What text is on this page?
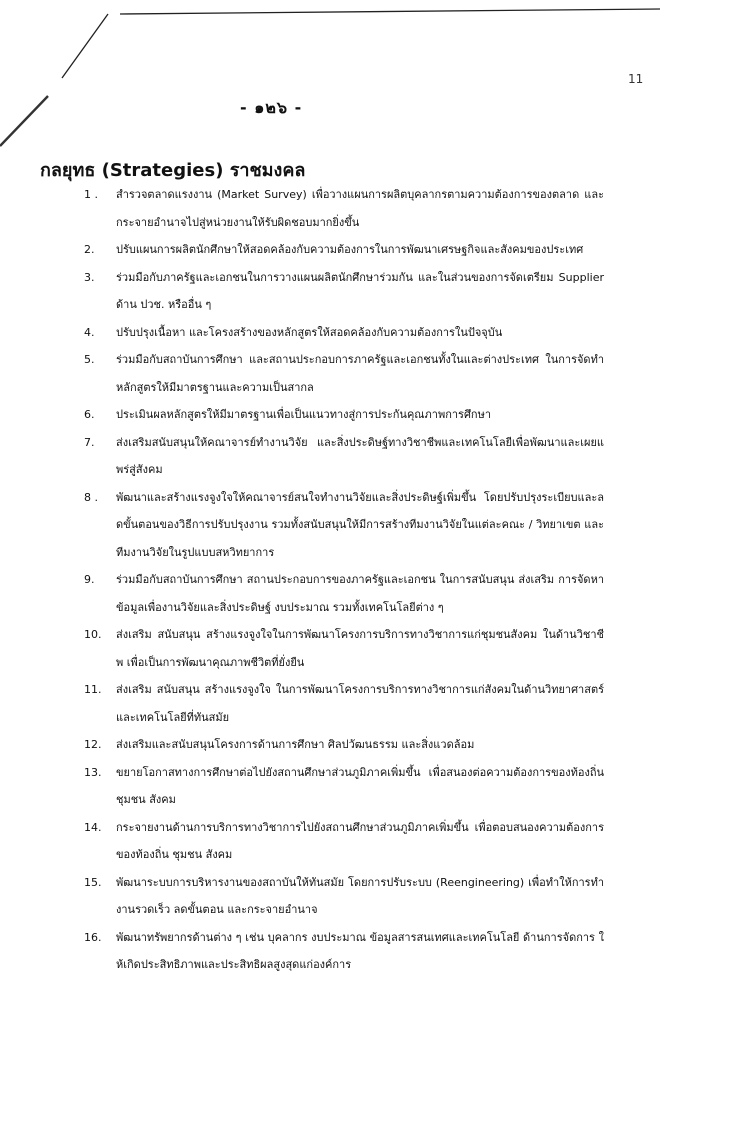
11
- ๑๒๖ -
กลยุทธ (Strategies) ราชมงคล
1 .	สำรวจตลาดแรงงาน (Market Survey) เพื่อวางแผนการผลิตบุคลากรตามความต้องการของตลาด และกระจายอำนาจไปสู่หน่วยงานให้รับผิดชอบมากยิ่งขึ้น
2.	ปรับแผนการผลิตนักศึกษาให้สอดคล้องกับความต้องการในการพัฒนาเศรษฐกิจและสังคมของประเทศ
3.	ร่วมมือกับภาครัฐและเอกชนในการวางแผนผลิตนักศึกษาร่วมกัน และในส่วนของการจัดเตรียม Supplier ด้าน ปวช. หรืออื่น ๆ
4.	ปรับปรุงเนื้อหา และโครงสร้างของหลักสูตรให้สอดคล้องกับความต้องการในปัจจุบัน
5.	ร่วมมือกับสถาบันการศึกษา และสถานประกอบการภาครัฐและเอกชนทั้งในและต่างประเทศ ในการจัดทำหลักสูตรให้มีมาตรฐานและความเป็นสากล
6.	ประเมินผลหลักสูตรให้มีมาตรฐานเพื่อเป็นแนวทางสู่การประกันคุณภาพการศึกษา
7.	ส่งเสริมสนับสนุนให้คณาจารย์ทำงานวิจัย และสิ่งประดิษฐ์ทางวิชาชีพและเทคโนโลยีเพื่อพัฒนาและเผยแพร่สู่สังคม
8 .	พัฒนาและสร้างแรงจูงใจให้คณาจารย์สนใจทำงานวิจัยและสิ่งประดิษฐ์เพิ่มขึ้น โดยปรับปรุงระเบียบและลดขั้นตอนของวิธีการปรับปรุงงาน รวมทั้งสนับสนุนให้มีการสร้างทีมงานวิจัยในแต่ละคณะ / วิทยาเขต และทีมงานวิจัยในรูปแบบสหวิทยาการ
9.	ร่วมมือกับสถาบันการศึกษา สถานประกอบการของภาครัฐและเอกชน ในการสนับสนุน ส่งเสริม การจัดหาข้อมูลเพื่องานวิจัยและสิ่งประดิษฐ์ งบประมาณ รวมทั้งเทคโนโลยีต่าง ๆ
10.	ส่งเสริม สนับสนุน สร้างแรงจูงใจในการพัฒนาโครงการบริการทางวิชาการแก่ชุมชนสังคม ในด้านวิชาชีพ เพื่อเป็นการพัฒนาคุณภาพชีวิตที่ยั่งยืน
11.	ส่งเสริม สนับสนุน สร้างแรงจูงใจ ในการพัฒนาโครงการบริการทางวิชาการแก่สังคมในด้านวิทยาศาสตร์และเทคโนโลยีที่ทันสมัย
12.	ส่งเสริมและสนับสนุนโครงการด้านการศึกษา ศิลปวัฒนธรรม และสิ่งแวดล้อม
13.	ขยายโอกาสทางการศึกษาต่อไปยังสถานศึกษาส่วนภูมิภาคเพิ่มขึ้น เพื่อสนองต่อความต้องการของท้องถิ่น ชุมชน สังคม
14.	กระจายงานด้านการบริการทางวิชาการไปยังสถานศึกษาส่วนภูมิภาคเพิ่มขึ้น เพื่อตอบสนองความต้องการของท้องถิ่น ชุมชน สังคม
15.	พัฒนาระบบการบริหารงานของสถาบันให้ทันสมัย โดยการปรับระบบ (Reengineering) เพื่อทำให้การทำงานรวดเร็ว ลดขั้นตอน และกระจายอำนาจ
16.	พัฒนาทรัพยากรด้านต่าง ๆ เช่น บุคลากร งบประมาณ ข้อมูลสารสนเทศและเทคโนโลยี ด้านการจัดการ ให้เกิดประสิทธิภาพและประสิทธิผลสูงสุดแก่องค์การ
